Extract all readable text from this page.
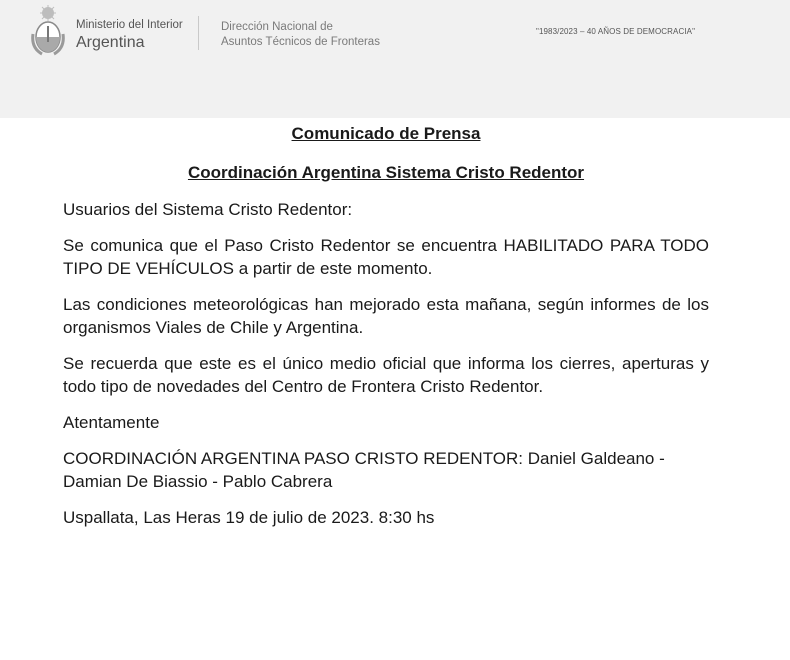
Ministerio del Interior
Argentina
Dirección Nacional de
Asuntos Técnicos de Fronteras
"1983/2023 – 40 AÑOS DE DEMOCRACIA"
Comunicado de Prensa
Coordinación Argentina Sistema Cristo Redentor

Usuarios del Sistema Cristo Redentor:

Se comunica que el Paso Cristo Redentor se encuentra HABILITADO PARA TODO TIPO DE VEHÍCULOS a partir de este momento.

Las condiciones meteorológicas han mejorado esta mañana, según informes de los organismos Viales de Chile y Argentina.

Se recuerda que este es el único medio oficial que informa los cierres, aperturas y todo tipo de novedades del Centro de Frontera Cristo Redentor.

Atentamente

COORDINACIÓN ARGENTINA PASO CRISTO REDENTOR: Daniel Galdeano - Damian De Biassio - Pablo Cabrera

Uspallata, Las Heras 19 de julio de 2023. 8:30 hs
